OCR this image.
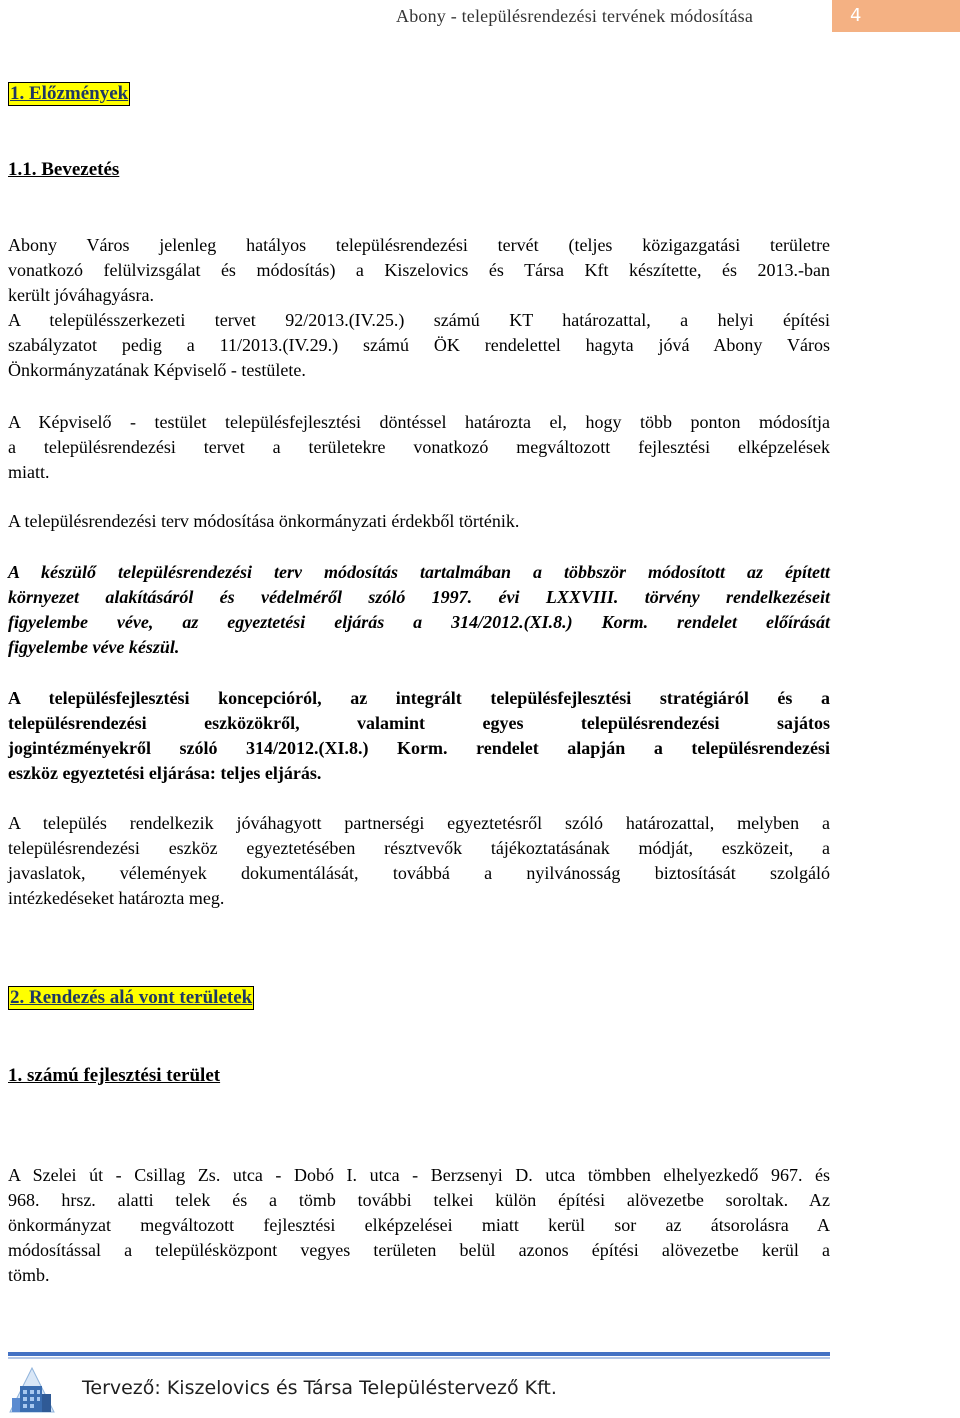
Abony - településrendezési tervének módosítása	4
1. Előzmények
1.1. Bevezetés
Abony Város jelenleg hatályos településrendezési tervét (teljes közigazgatási területre
vonatkozó felülvizsgálat és módosítás) a Kiszelovics és Társa Kft készítette, és 2013.-ban
került jóváhagyásra.
A településszerkezeti tervet 92/2013.(IV.25.) számú KT határozattal, a helyi építési
szabályzatot pedig a 11/2013.(IV.29.) számú ÖK rendelettel hagyta jóvá Abony Város
Önkormányzatának Képviselő - testülete.
A Képviselő - testület településfejlesztési döntéssel határozta el, hogy több ponton módosítja
a településrendezési tervet a területekre vonatkozó megváltozott fejlesztési elképzelések
miatt.
A településrendezési terv módosítása önkormányzati érdekből történik.
A készülő településrendezési terv módosítás tartalmában a többször módosított az épített
környezet alakításáról és védelméről szóló 1997. évi LXXVIII. törvény rendelkezéseit
figyelembe véve, az egyeztetési eljárás a 314/2012.(XI.8.) Korm. rendelet előírását
figyelembe véve készül.
A településfejlesztési koncepcióról, az integrált településfejlesztési stratégiáról és a
településrendezési eszközökről, valamint egyes településrendezési sajátos
jogintézményekről szóló 314/2012.(XI.8.) Korm. rendelet alapján a településrendezési
eszköz egyeztetési eljárása: teljes eljárás.
A település rendelkezik jóváhagyott partnerségi egyeztetésről szóló határozattal, melyben a
településrendezési eszköz egyeztetésében résztvevők tájékoztatásának módját, eszközeit, a
javaslatok, vélemények dokumentálását, továbbá a nyilvánosság biztosítását szolgáló
intézkedéseket határozta meg.
2. Rendezés alá vont területek
1. számú fejlesztési terület
A Szelei út - Csillag Zs. utca - Dobó I. utca - Berzsenyi D. utca tömbben elhelyezkedő 967. és
968. hrsz. alatti telek és a tömb további telkei külön építési alövezetbe soroltak. Az
önkormányzat megváltozott fejlesztési elképzelései miatt kerül sor az átsorolásra A
módosítással a településközpont vegyes területen belül azonos építési alövezetbe kerül a
tömb.
Tervező: Kiszelovics és Társa Településtervező Kft.
